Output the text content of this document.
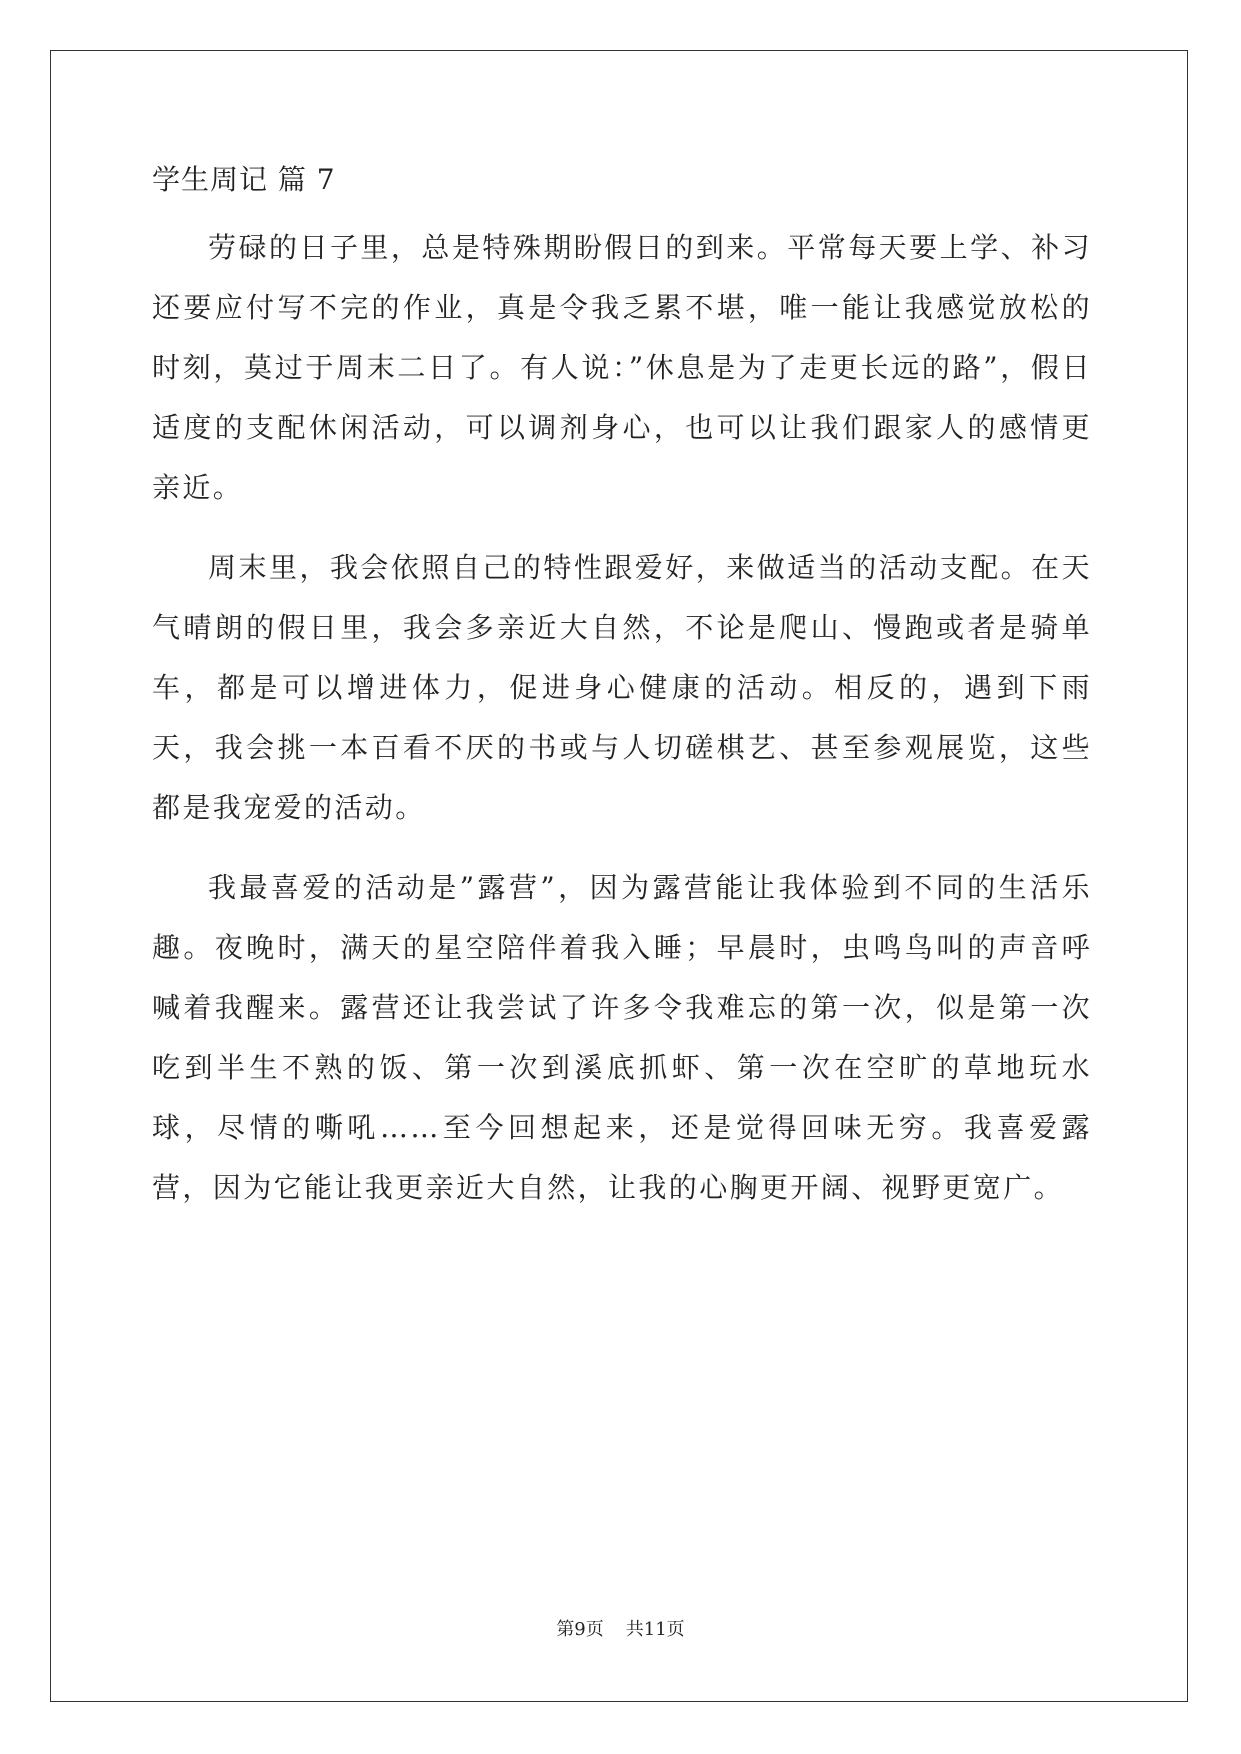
学生周记 篇 7

劳碌的日子里，总是特殊期盼假日的到来。平常每天要上学、补习还要应付写不完的作业，真是令我乏累不堪，唯一能让我感觉放松的时刻，莫过于周末二日了。有人说：”休息是为了走更长远的路”，假日适度的支配休闲活动，可以调剂身心，也可以让我们跟家人的感情更亲近。

周末里，我会依照自己的特性跟爱好，来做适当的活动支配。在天气晴朗的假日里，我会多亲近大自然，不论是爬山、慢跑或者是骑单车，都是可以增进体力，促进身心健康的活动。相反的，遇到下雨天，我会挑一本百看不厌的书或与人切磋棋艺、甚至参观展览，这些都是我宠爱的活动。

我最喜爱的活动是”露营”，因为露营能让我体验到不同的生活乐趣。夜晚时，满天的星空陪伴着我入睡；早晨时，虫鸣鸟叫的声音呼喊着我醒来。露营还让我尝试了许多令我难忘的第一次，似是第一次吃到半生不熟的饭、第一次到溪底抓虾、第一次在空旷的草地玩水球，尽情的嘶吼……至今回想起来，还是觉得回味无穷。我喜爱露营，因为它能让我更亲近大自然，让我的心胸更开阔、视野更宽广。

第9页 共11页
